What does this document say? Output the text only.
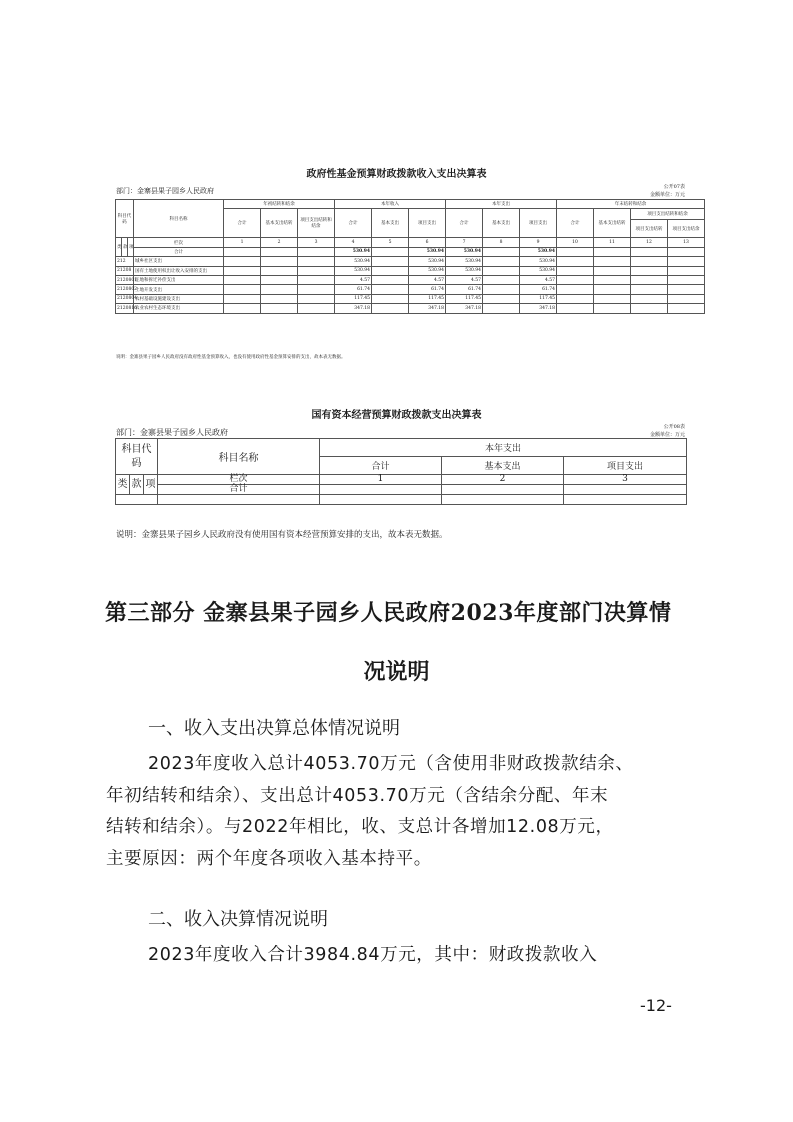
政府性基金预算财政拨款收入支出决算表
部门：金寨县果子园乡人民政府	公开07表
金额单位：万元
科目代码			科目名称	年初结转和结余			本年收入			本年支出			年末结转和结余			
				合计	基本支出结转	项目支出结转和结余	合计	基本支出	项目支出	合计	基本支出	项目支出	合计	基本支出结转	项目支出结转和结余	
															项目支出结转	项目支出结余
类	款	项	栏次	1	2	3	4	5	6	7	8	9	10	11	12	13
			合计				530.94		530.94	530.94		530.94				
212			城乡社区支出				530.94		530.94	530.94		530.94				
21208			国有土地使用权出让收入安排的支出				530.94		530.94	530.94		530.94				
2120801			征地和拆迁补偿支出				4.57		4.57	4.57		4.57				
2120802			土地开发支出				61.74		61.74	61.74		61.74				
2120804			农村基础设施建设支出				117.45		117.45	117.45		117.45				
2120816			农业农村生态环境支出				347.18		347.18	347.18		347.18				
说明：金寨县果子园乡人民政府没有政府性基金预算收入，也没有使用政府性基金预算安排的支出，故本表无数据。
国有资本经营预算财政拨款支出决算表
部门：金寨县果子园乡人民政府
公开08表
金额单位：万元
科目代码			科目名称	本年支出		
				合计	基本支出	项目支出
类	款	项	栏次	1	2	3
			合计			

说明：金寨县果子园乡人民政府没有使用国有资本经营预算安排的支出，故本表无数据。
第三部分 金寨县果子园乡人民政府2023年度部门决算情
况说明
一、收入支出决算总体情况说明
2023年度收入总计4053.70万元（含使用非财政拨款结余、
年初结转和结余）、支出总计4053.70万元（含结余分配、年末
结转和结余）。与2022年相比，收、支总计各增加12.08万元，
主要原因：两个年度各项收入基本持平。
二、收入决算情况说明
2023年度收入合计3984.84万元，其中：财政拨款收入
-12-
